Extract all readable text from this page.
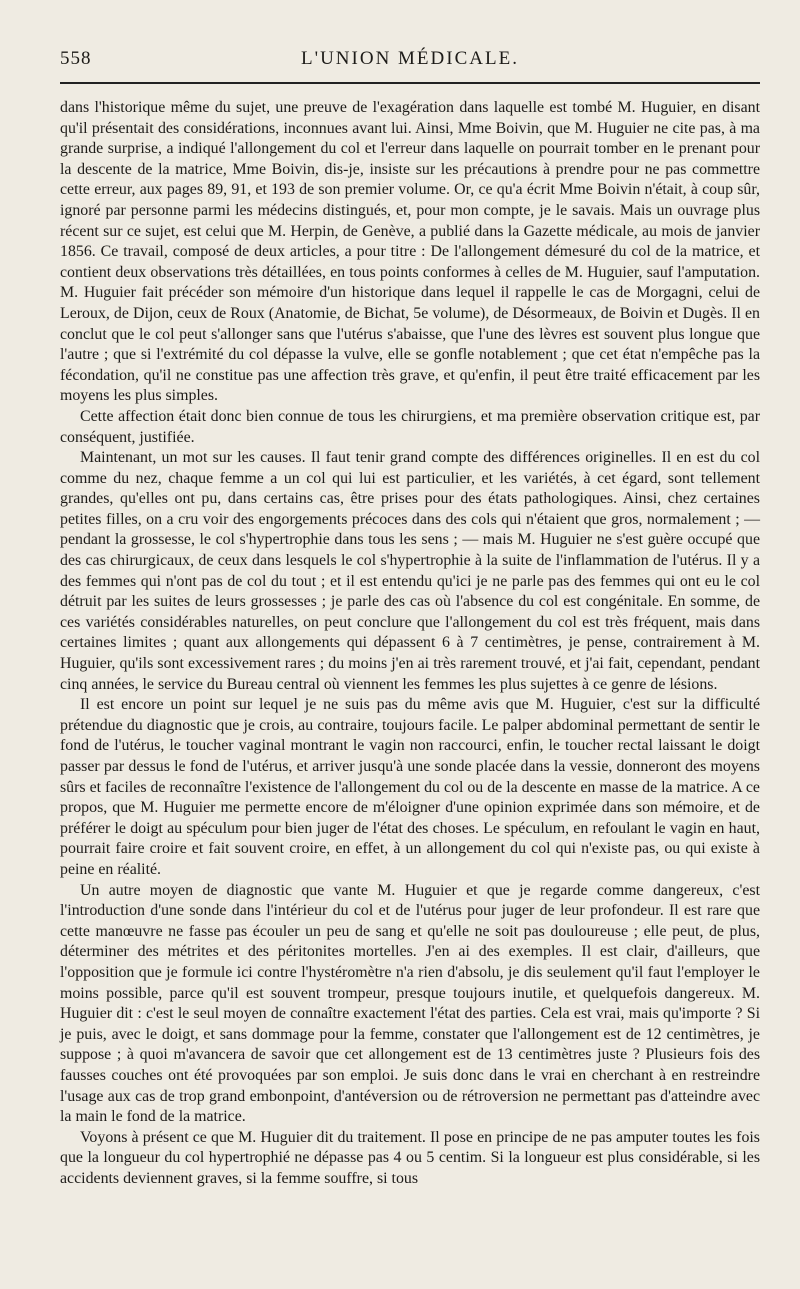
558	L'UNION MÉDICALE.

dans l'historique même du sujet, une preuve de l'exagération dans laquelle est tombé M. Huguier, en disant qu'il présentait des considérations, inconnues avant lui. Ainsi, Mme Boivin, que M. Huguier ne cite pas, à ma grande surprise, a indiqué l'allongement du col et l'erreur dans laquelle on pourrait tomber en le prenant pour la descente de la matrice, Mme Boivin, dis-je, insiste sur les précautions à prendre pour ne pas commettre cette erreur, aux pages 89, 91, et 193 de son premier volume. Or, ce qu'a écrit Mme Boivin n'était, à coup sûr, ignoré par personne parmi les médecins distingués, et, pour mon compte, je le savais. Mais un ouvrage plus récent sur ce sujet, est celui que M. Herpin, de Genève, a publié dans la Gazette médicale, au mois de janvier 1856. Ce travail, composé de deux articles, a pour titre : De l'allongement démesuré du col de la matrice, et contient deux observations très détaillées, en tous points conformes à celles de M. Huguier, sauf l'amputation. M. Huguier fait précéder son mémoire d'un historique dans lequel il rappelle le cas de Morgagni, celui de Leroux, de Dijon, ceux de Roux (Anatomie, de Bichat, 5e volume), de Désormeaux, de Boivin et Dugès. Il en conclut que le col peut s'allonger sans que l'utérus s'abaisse, que l'une des lèvres est souvent plus longue que l'autre ; que si l'extrémité du col dépasse la vulve, elle se gonfle notablement ; que cet état n'empêche pas la fécondation, qu'il ne constitue pas une affection très grave, et qu'enfin, il peut être traité efficacement par les moyens les plus simples.

Cette affection était donc bien connue de tous les chirurgiens, et ma première observation critique est, par conséquent, justifiée.

Maintenant, un mot sur les causes. Il faut tenir grand compte des différences originelles. Il en est du col comme du nez, chaque femme a un col qui lui est particulier, et les variétés, à cet égard, sont tellement grandes, qu'elles ont pu, dans certains cas, être prises pour des états pathologiques. Ainsi, chez certaines petites filles, on a cru voir des engorgements précoces dans des cols qui n'étaient que gros, normalement ; — pendant la grossesse, le col s'hypertrophie dans tous les sens ; — mais M. Huguier ne s'est guère occupé que des cas chirurgicaux, de ceux dans lesquels le col s'hypertrophie à la suite de l'inflammation de l'utérus. Il y a des femmes qui n'ont pas de col du tout ; et il est entendu qu'ici je ne parle pas des femmes qui ont eu le col détruit par les suites de leurs grossesses ; je parle des cas où l'absence du col est congénitale. En somme, de ces variétés considérables naturelles, on peut conclure que l'allongement du col est très fréquent, mais dans certaines limites ; quant aux allongements qui dépassent 6 à 7 centimètres, je pense, contrairement à M. Huguier, qu'ils sont excessivement rares ; du moins j'en ai très rarement trouvé, et j'ai fait, cependant, pendant cinq années, le service du Bureau central où viennent les femmes les plus sujettes à ce genre de lésions.

Il est encore un point sur lequel je ne suis pas du même avis que M. Huguier, c'est sur la difficulté prétendue du diagnostic que je crois, au contraire, toujours facile. Le palper abdominal permettant de sentir le fond de l'utérus, le toucher vaginal montrant le vagin non raccourci, enfin, le toucher rectal laissant le doigt passer par dessus le fond de l'utérus, et arriver jusqu'à une sonde placée dans la vessie, donneront des moyens sûrs et faciles de reconnaître l'existence de l'allongement du col ou de la descente en masse de la matrice. A ce propos, que M. Huguier me permette encore de m'éloigner d'une opinion exprimée dans son mémoire, et de préférer le doigt au spéculum pour bien juger de l'état des choses. Le spéculum, en refoulant le vagin en haut, pourrait faire croire et fait souvent croire, en effet, à un allongement du col qui n'existe pas, ou qui existe à peine en réalité.

Un autre moyen de diagnostic que vante M. Huguier et que je regarde comme dangereux, c'est l'introduction d'une sonde dans l'intérieur du col et de l'utérus pour juger de leur profondeur. Il est rare que cette manœuvre ne fasse pas écouler un peu de sang et qu'elle ne soit pas douloureuse ; elle peut, de plus, déterminer des métrites et des péritonites mortelles. J'en ai des exemples. Il est clair, d'ailleurs, que l'opposition que je formule ici contre l'hystéromètre n'a rien d'absolu, je dis seulement qu'il faut l'employer le moins possible, parce qu'il est souvent trompeur, presque toujours inutile, et quelquefois dangereux. M. Huguier dit : c'est le seul moyen de connaître exactement l'état des parties. Cela est vrai, mais qu'importe ? Si je puis, avec le doigt, et sans dommage pour la femme, constater que l'allongement est de 12 centimètres, je suppose ; à quoi m'avancera de savoir que cet allongement est de 13 centimètres juste ? Plusieurs fois des fausses couches ont été provoquées par son emploi. Je suis donc dans le vrai en cherchant à en restreindre l'usage aux cas de trop grand embonpoint, d'antéversion ou de rétroversion ne permettant pas d'atteindre avec la main le fond de la matrice.

Voyons à présent ce que M. Huguier dit du traitement. Il pose en principe de ne pas amputer toutes les fois que la longueur du col hypertrophié ne dépasse pas 4 ou 5 centim. Si la longueur est plus considérable, si les accidents deviennent graves, si la femme souffre, si tous
